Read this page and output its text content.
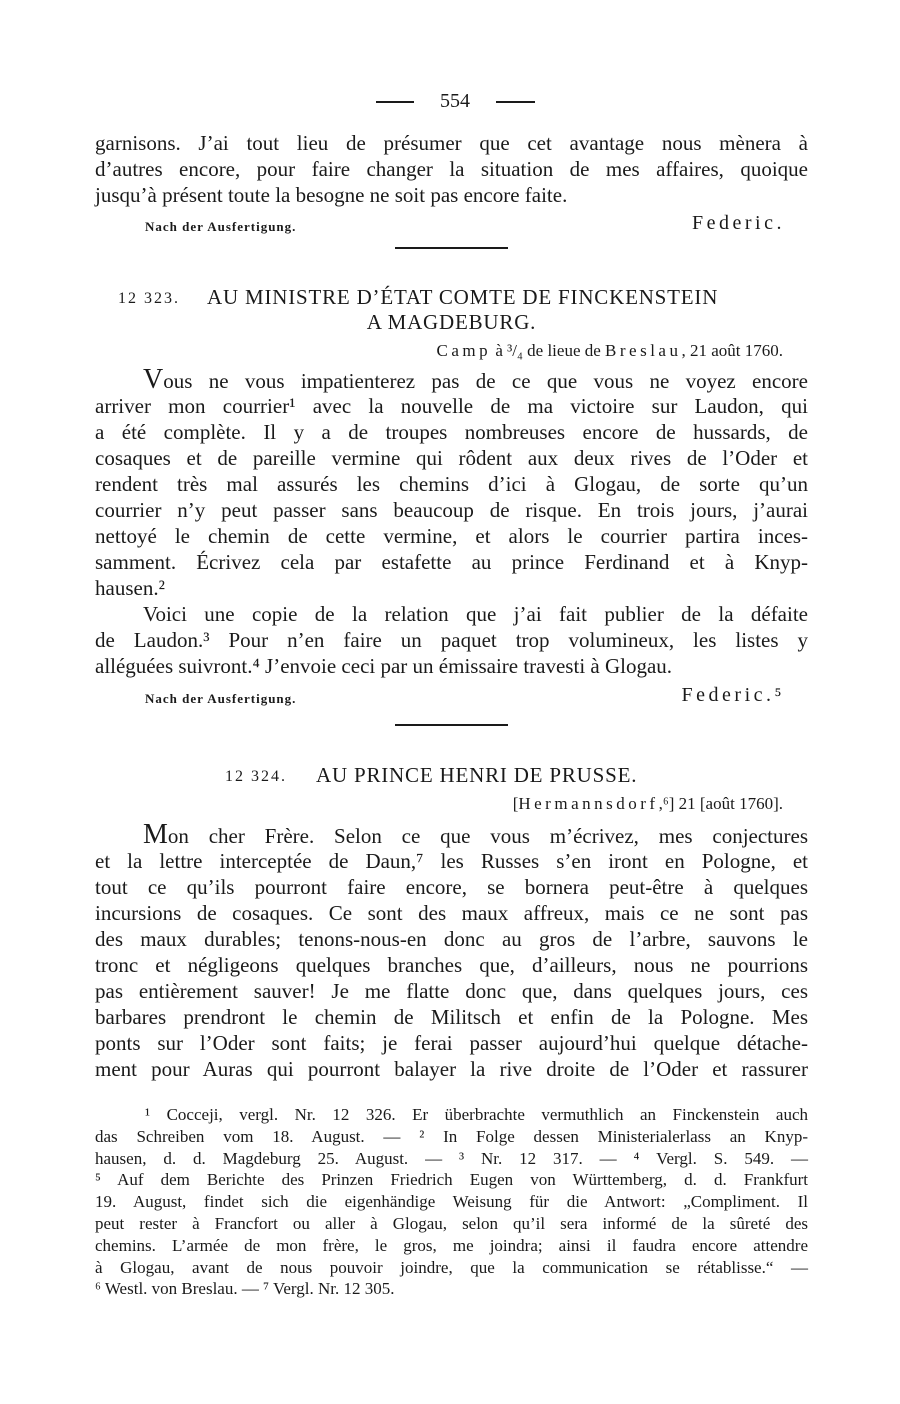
554
garnisons. J’ai tout lieu de présumer que cet avantage nous mènera à
d’autres encore, pour faire changer la situation de mes affaires, quoique
jusqu’à présent toute la besogne ne soit pas encore faite.
Nach der Ausfertigung.	Federic.
12 323. AU MINISTRE D’ÉTAT COMTE DE FINCKENSTEIN
A MAGDEBURG.
Camp à ³/₄ de lieue de Breslau, 21 août 1760.
Vous ne vous impatienterez pas de ce que vous ne voyez encore
arriver mon courrier¹ avec la nouvelle de ma victoire sur Laudon, qui
a été complète. Il y a de troupes nombreuses encore de hussards, de
cosaques et de pareille vermine qui rôdent aux deux rives de l’Oder et
rendent très mal assurés les chemins d’ici à Glogau, de sorte qu’un
courrier n’y peut passer sans beaucoup de risque. En trois jours, j’aurai
nettoyé le chemin de cette vermine, et alors le courrier partira inces-
samment. Écrivez cela par estafette au prince Ferdinand et à Knyp-
hausen.²
Voici une copie de la relation que j’ai fait publier de la défaite
de Laudon.³ Pour n’en faire un paquet trop volumineux, les listes y
alléguées suivront.⁴ J’envoie ceci par un émissaire travesti à Glogau.
Nach der Ausfertigung.	Federic.⁵
12 324. AU PRINCE HENRI DE PRUSSE.
[Hermannsdorf,⁶] 21 [août 1760].
Mon cher Frère. Selon ce que vous m’écrivez, mes conjectures
et la lettre interceptée de Daun,⁷ les Russes s’en iront en Pologne, et
tout ce qu’ils pourront faire encore, se bornera peut-être à quelques
incursions de cosaques. Ce sont des maux affreux, mais ce ne sont pas
des maux durables; tenons-nous-en donc au gros de l’arbre, sauvons le
tronc et négligeons quelques branches que, d’ailleurs, nous ne pourrions
pas entièrement sauver! Je me flatte donc que, dans quelques jours, ces
barbares prendront le chemin de Militsch et enfin de la Pologne. Mes
ponts sur l’Oder sont faits; je ferai passer aujourd’hui quelque détache-
ment pour Auras qui pourront balayer la rive droite de l’Oder et rassurer
¹ Cocceji, vergl. Nr. 12 326. Er überbrachte vermuthlich an Finckenstein auch
das Schreiben vom 18. August. — ² In Folge dessen Ministerialerlass an Knyp-
hausen, d. d. Magdeburg 25. August. — ³ Nr. 12 317. — ⁴ Vergl. S. 549. —
⁵ Auf dem Berichte des Prinzen Friedrich Eugen von Württemberg, d. d. Frankfurt
19. August, findet sich die eigenhändige Weisung für die Antwort: „Compliment. Il
peut rester à Francfort ou aller à Glogau, selon qu’il sera informé de la sûreté des
chemins. L’armée de mon frère, le gros, me joindra; ainsi il faudra encore attendre
à Glogau, avant de nous pouvoir joindre, que la communication se rétablisse.“ —
⁶ Westl. von Breslau. — ⁷ Vergl. Nr. 12 305.
